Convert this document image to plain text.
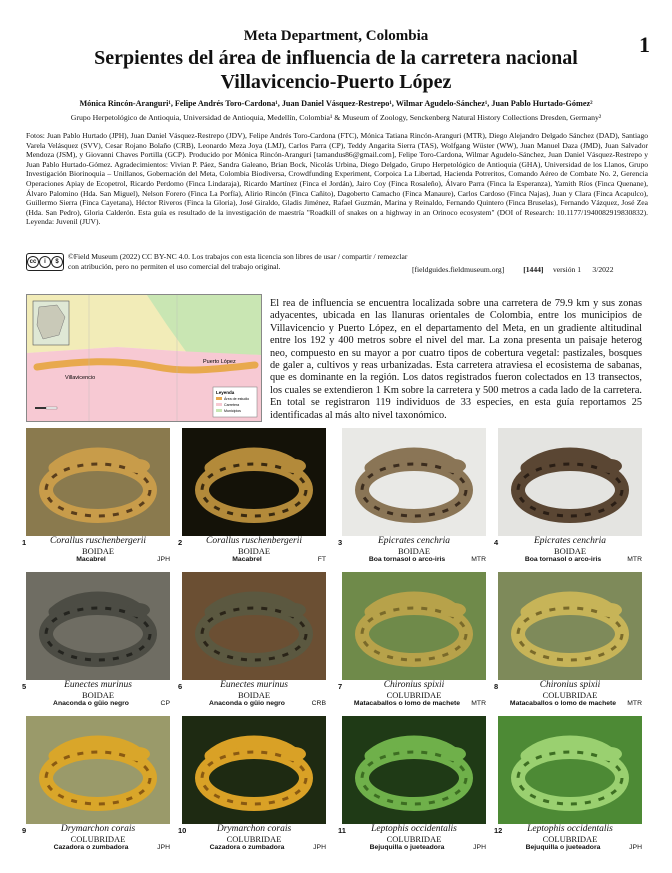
Meta Department, Colombia

Serpientes del área de influencia de la carretera nacional

Villavicencio-Puerto López

1
Mónica Rincón-Aranguri¹, Felipe Andrés Toro-Cardona¹, Juan Daniel Vásquez-Restrepo¹, Wilmar Agudelo-Sánchez¹, Juan Pablo Hurtado-Gómez²
Grupo Herpetológico de Antioquia, Universidad de Antioquia, Medellín, Colombia¹ & Museum of Zoology, Senckenberg Natural History Collections Dresden, Germany²
Fotos: Juan Pablo Hurtado (JPH), Juan Daniel Vásquez-Restrepo (JDV), Felipe Andrés Toro-Cardona (FTC), Mónica Tatiana Rincón-Aranguri (MTR), Diego Alejandro Delgado Sánchez (DAD), Santiago Varela Velásquez (SVV), Cesar Rojano Bolaño (CRB), Leonardo Meza Joya (LMJ), Carlos Parra (CP), Teddy Angarita Sierra (TAS), Wolfgang Wüster (WW), Juan Manuel Daza (JMD), Juan Salvador Mendoza (JSM), y Giovanni Chaves Portilla (GCP). Producido por Mónica Rincón-Aranguri [tamandus86@gmail.com], Felipe Toro-Cardona, Wilmar Agudelo-Sánchez, Juan Daniel Vásquez-Restrepo y Juan Pablo Hurtado-Gómez. Agradecimientos: Vivian P. Páez, Sandra Galeano, Brian Bock, Nicolás Urbina, Diego Delgado, Grupo Herpetológico de Antioquia (GHA), Universidad de los Llanos, Grupo Investigación Biorinoquia – Unillanos, Gobernación del Meta, Colombia Biodiversa, Crowdfunding Experiment, Corpoica La Libertad, Hacienda Potreritos, Comando Aéreo de Combate No. 2, Gerencia Operaciones Apiay de Ecopetrol, Ricardo Perdomo (Finca Lindaraja), Ricardo Martínez (Finca el Jordán), Jairo Coy (Finca Rosaleño), Álvaro Parra (Finca la Esperanza), Yamith Ríos (Finca Quenane), Álvaro Palomino (Hda. San Miguel), Nelson Forero (Finca La Porfía), Alirio Rincón (Finca Cañito), Dagoberto Camacho (Finca Manaure), Carlos Cardoso (Finca Najas), Juan y Clara (Finca Acapulco), Guillermo Sierra (Finca Cayetana), Héctor Riveros (Finca la Gloria), José Giraldo, Gladis Jiménez, Rafael Guzmán, Marina y Reinaldo, Fernando Quintero (Finca Bruselas), Fernando Vázquez, José Zea (Hda. San Pedro), Gloria Calderón. Esta guía es resultado de la investigación de maestría "Roadkill of snakes on a highway in an Orinoco ecosystem" (DOI of Research: 10.1177/1940082919830832). Leyenda: Juvenil (JUV).
cc	i	$
©Field Museum (2022) CC BY-NC 4.0. Los trabajos con esta licencia son libres de usar / compartir / remezclar con atribución, pero no permiten el uso comercial del trabajo original.	[fieldguides.fieldmuseum.org] [1444] versión 1 3/2022
Villavicencio
Puerto López
Leyenda
Área de estudio
Carretera
Municipios
El rea de influencia se encuentra localizada sobre una carretera de 79.9 km y sus zonas adyacentes, ubicada en las llanuras orientales de Colombia, entre los municipios de Villavicencio y Puerto López, en el departamento del Meta, en un gradiente altitudinal entre los 192 y 400 metros sobre el nivel del mar. La zona presenta un paisaje heterog neo, compuesto en su mayor a por cuatro tipos de cobertura vegetal: pastizales, bosques de galer a, cultivos y reas urbanizadas. Esta carretera atraviesa el ecosistema de sabanas, que es dominante en la región. Los datos registrados fueron colectados en 13 transectos, los cuales se extendieron 1 Km sobre la carretera y 500 metros a cada lado de la carretera. En total se registraron 119 individuos de 33 especies, en esta guía reportamos 25 identificadas al más alto nivel taxonómico.
1	Corallus ruschenbergerii
BOIDAE
Macabrel	JPH
2	Corallus ruschenbergerii
BOIDAE
Macabrel	FT
3	Epicrates cenchria
BOIDAE
Boa tornasol o arco-iris	MTR
4	Epicrates cenchria
BOIDAE
Boa tornasol o arco-iris	MTR
5	Eunectes murinus
BOIDAE
Anaconda o güio negro	CP
6	Eunectes murinus
BOIDAE
Anaconda o güio negro	CRB
7	Chironius spixii
COLUBRIDAE
Matacaballos o lomo de machete	MTR
8	Chironius spixii
COLUBRIDAE
Matacaballos o lomo de machete	MTR
9	Drymarchon corais
COLUBRIDAE
Cazadora o zumbadora	JPH
10	Drymarchon corais
COLUBRIDAE
Cazadora o zumbadora	JPH
11	Leptophis occidentalis
COLUBRIDAE
Bejuquilla o jueteadora	JPH
12	Leptophis occidentalis
COLUBRIDAE
Bejuquilla o jueteadora	JPH
